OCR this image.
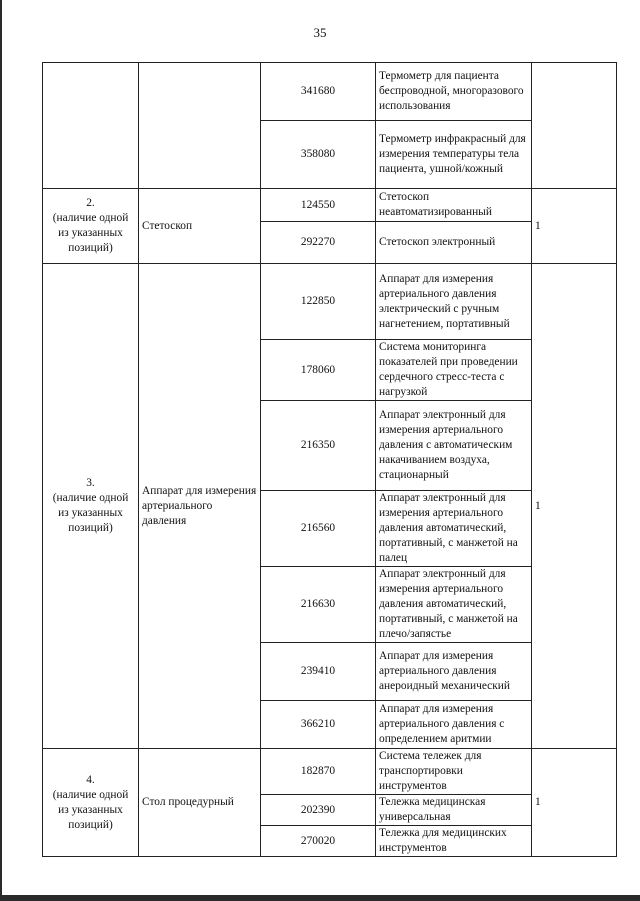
35
		341680	Термометр для пациента беспроводной, многоразового использования	
		358080	Термометр инфракрасный для измерения температуры тела пациента, ушной/кожный	
2.
(наличие одной из указанных позиций)	Стетоскоп	124550	Стетоскоп неавтоматизированный	1
		292270	Стетоскоп электронный	
3.
(наличие одной из указанных позиций)	Аппарат для измерения артериального давления	122850	Аппарат для измерения артериального давления электрический с ручным нагнетением, портативный	1
		178060	Система мониторинга показателей при проведении сердечного стресс-теста с нагрузкой	
		216350	Аппарат электронный для измерения артериального давления с автоматическим накачиванием воздуха, стационарный	
		216560	Аппарат электронный для измерения артериального давления автоматический, портативный, с манжетой на палец	
		216630	Аппарат электронный для измерения артериального давления автоматический, портативный, с манжетой на плечо/запястье	
		239410	Аппарат для измерения артериального давления анероидный механический	
		366210	Аппарат для измерения артериального давления с определением аритмии	
4.
(наличие одной из указанных позиций)	Стол процедурный	182870	Система тележек для транспортировки инструментов	1
		202390	Тележка медицинская универсальная	
		270020	Тележка для медицинских инструментов	
